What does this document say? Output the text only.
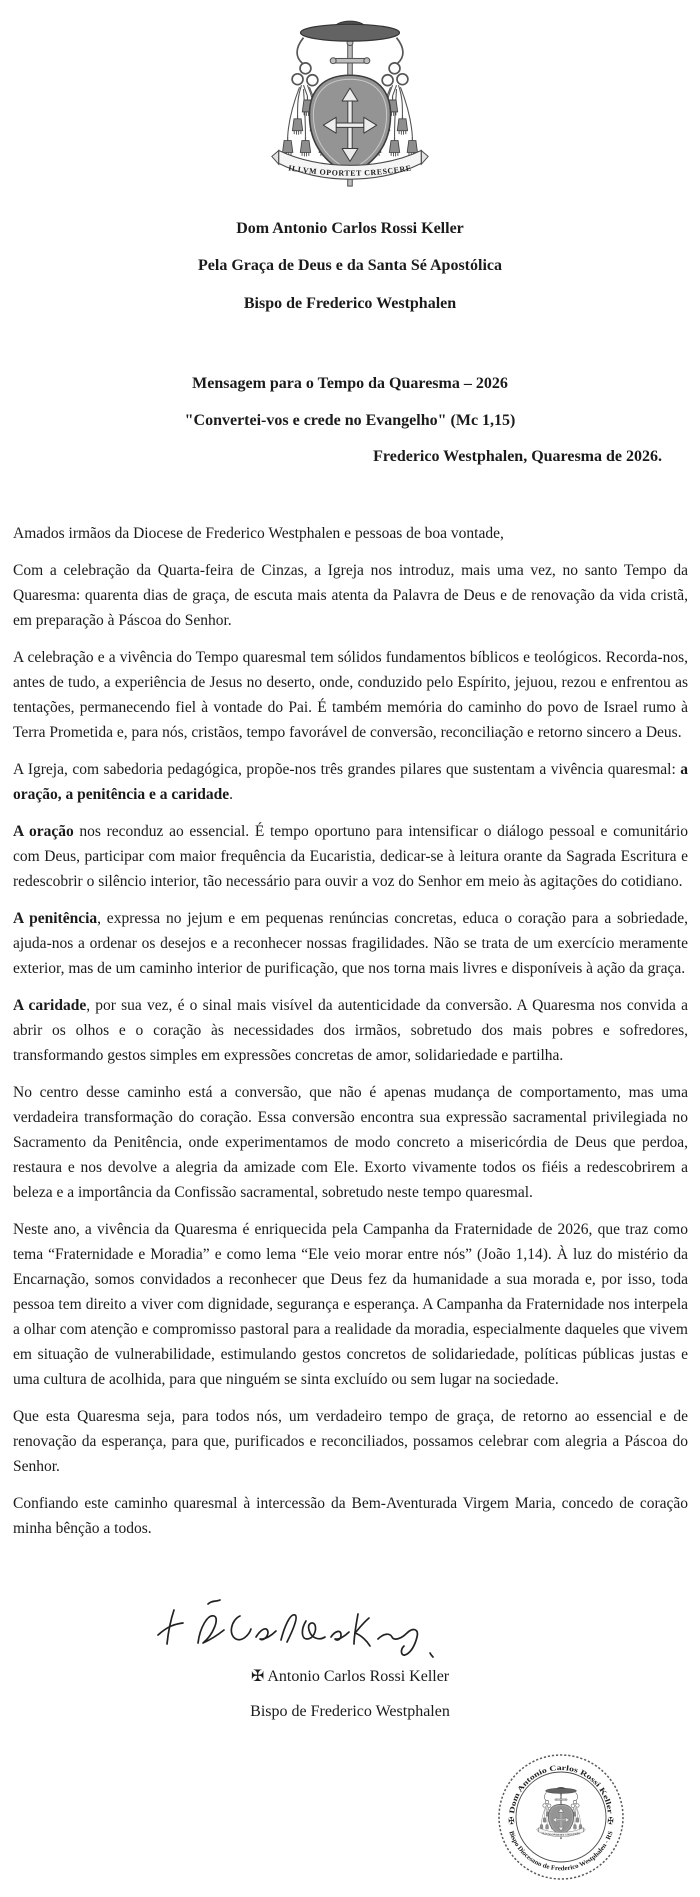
Dom Antonio Carlos Rossi Keller
Pela Graça de Deus e da Santa Sé Apostólica
Bispo de Frederico Westphalen
Mensagem para o Tempo da Quaresma – 2026
"Convertei-vos e crede no Evangelho" (Mc 1,15)
Frederico Westphalen, Quaresma de 2026.

Amados irmãos da Diocese de Frederico Westphalen e pessoas de boa vontade,

Com a celebração da Quarta-feira de Cinzas, a Igreja nos introduz, mais uma vez, no santo Tempo da Quaresma: quarenta dias de graça, de escuta mais atenta da Palavra de Deus e de renovação da vida cristã, em preparação à Páscoa do Senhor.

A celebração e a vivência do Tempo quaresmal tem sólidos fundamentos bíblicos e teológicos. Recorda-nos, antes de tudo, a experiência de Jesus no deserto, onde, conduzido pelo Espírito, jejuou, rezou e enfrentou as tentações, permanecendo fiel à vontade do Pai. É também memória do caminho do povo de Israel rumo à Terra Prometida e, para nós, cristãos, tempo favorável de conversão, reconciliação e retorno sincero a Deus.

A Igreja, com sabedoria pedagógica, propõe-nos três grandes pilares que sustentam a vivência quaresmal: a oração, a penitência e a caridade.

A oração nos reconduz ao essencial. É tempo oportuno para intensificar o diálogo pessoal e comunitário com Deus, participar com maior frequência da Eucaristia, dedicar-se à leitura orante da Sagrada Escritura e redescobrir o silêncio interior, tão necessário para ouvir a voz do Senhor em meio às agitações do cotidiano.

A penitência, expressa no jejum e em pequenas renúncias concretas, educa o coração para a sobriedade, ajuda-nos a ordenar os desejos e a reconhecer nossas fragilidades. Não se trata de um exercício meramente exterior, mas de um caminho interior de purificação, que nos torna mais livres e disponíveis à ação da graça.

A caridade, por sua vez, é o sinal mais visível da autenticidade da conversão. A Quaresma nos convida a abrir os olhos e o coração às necessidades dos irmãos, sobretudo dos mais pobres e sofredores, transformando gestos simples em expressões concretas de amor, solidariedade e partilha.

No centro desse caminho está a conversão, que não é apenas mudança de comportamento, mas uma verdadeira transformação do coração. Essa conversão encontra sua expressão sacramental privilegiada no Sacramento da Penitência, onde experimentamos de modo concreto a misericórdia de Deus que perdoa, restaura e nos devolve a alegria da amizade com Ele. Exorto vivamente todos os fiéis a redescobrirem a beleza e a importância da Confissão sacramental, sobretudo neste tempo quaresmal.

Neste ano, a vivência da Quaresma é enriquecida pela Campanha da Fraternidade de 2026, que traz como tema “Fraternidade e Moradia” e como lema “Ele veio morar entre nós” (João 1,14). À luz do mistério da Encarnação, somos convidados a reconhecer que Deus fez da humanidade a sua morada e, por isso, toda pessoa tem direito a viver com dignidade, segurança e esperança. A Campanha da Fraternidade nos interpela a olhar com atenção e compromisso pastoral para a realidade da moradia, especialmente daqueles que vivem em situação de vulnerabilidade, estimulando gestos concretos de solidariedade, políticas públicas justas e uma cultura de acolhida, para que ninguém se sinta excluído ou sem lugar na sociedade.

Que esta Quaresma seja, para todos nós, um verdadeiro tempo de graça, de retorno ao essencial e de renovação da esperança, para que, purificados e reconciliados, possamos celebrar com alegria a Páscoa do Senhor.

Confiando este caminho quaresmal à intercessão da Bem-Aventurada Virgem Maria, concedo de coração minha bênção a todos.

✠ Antonio Carlos Rossi Keller
Bispo de Frederico Westphalen
✠ Dom Antonio Carlos Rossi Keller ✠
Bispo Diocesano de Frederico Westphalen - RS
